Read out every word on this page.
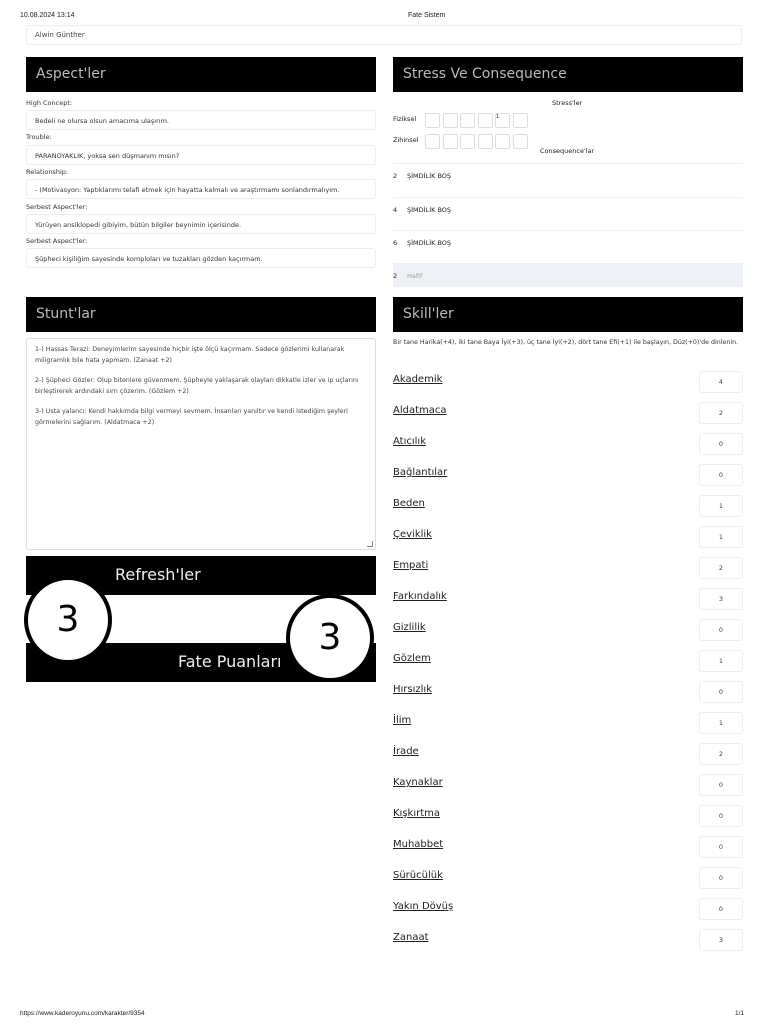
10.08.2024 13:14	Fate Sistem
Alwin Günther
Aspect'ler
High Concept:
Bedeli ne olursa olsun amacıma ulaşırım.
Trouble:
PARANOYAKLIK, yoksa sen düşmanım mısın?
Relationship:
- (Motivasyon: Yaptıklarımı telafi etmek için hayatta kalmalı ve araştırmamı sonlandırmalıyım.
Serbest Aspect'ler:
Yürüyen ansiklopedi gibiyim, bütün bilgiler beynimin içerisinde.
Serbest Aspect'ler:
Şüpheci kişiliğim sayesinde komploları ve tuzakları gözden kaçırmam.
Stress Ve Consequence
Stress'ler
Fiziksel	1
Zihinsel
Consequence'lar
2 ŞİMDİLİK BOŞ
4 ŞİMDİLİK BOŞ
6 ŞİMDİLİK BOŞ
2 Hafif
Stunt'lar

1-) Hassas Terazi: Deneyimlerim sayesinde hiçbir işte ölçü kaçırmam. Sadece gözlerimi kullanarak miligramlık bile hata yapmam. (Zanaat +2)

2-) Şüpheci Gözler: Olup bitenlere güvenmem. Şüpheyle yaklaşarak olayları dikkatle izler ve ip uçlarını birleştirerek ardındaki sırrı çözerim. (Gözlem +2)

3-) Usta yalancı: Kendi hakkımda bilgi vermeyi sevmem. İnsanları yanıltır ve kendi istediğim şeyleri görmelerini sağlarım. (Aldatmaca +2)

Refresh'ler
Fate Puanları
3	3
Skill'ler
Bir tane Harika(+4), iki tane Baya İyi(+3), üç tane İyi(+2), dört tane Efi(+1) ile başlayın, Düz(+0)'de dinlenin.
Akademik	4
Aldatmaca	2
Atıcılık	0
Bağlantılar	0
Beden	1
Çeviklik	1
Empati	2
Farkındalık	3
Gizlilik	0
Gözlem	1
Hırsızlık	0
İlim	1
İrade	2
Kaynaklar	0
Kışkırtma	0
Muhabbet	0
Sürücülük	0
Yakın Dövüş	0
Zanaat	3
https://www.kaderoyunu.com/karakter/9354	1/1
